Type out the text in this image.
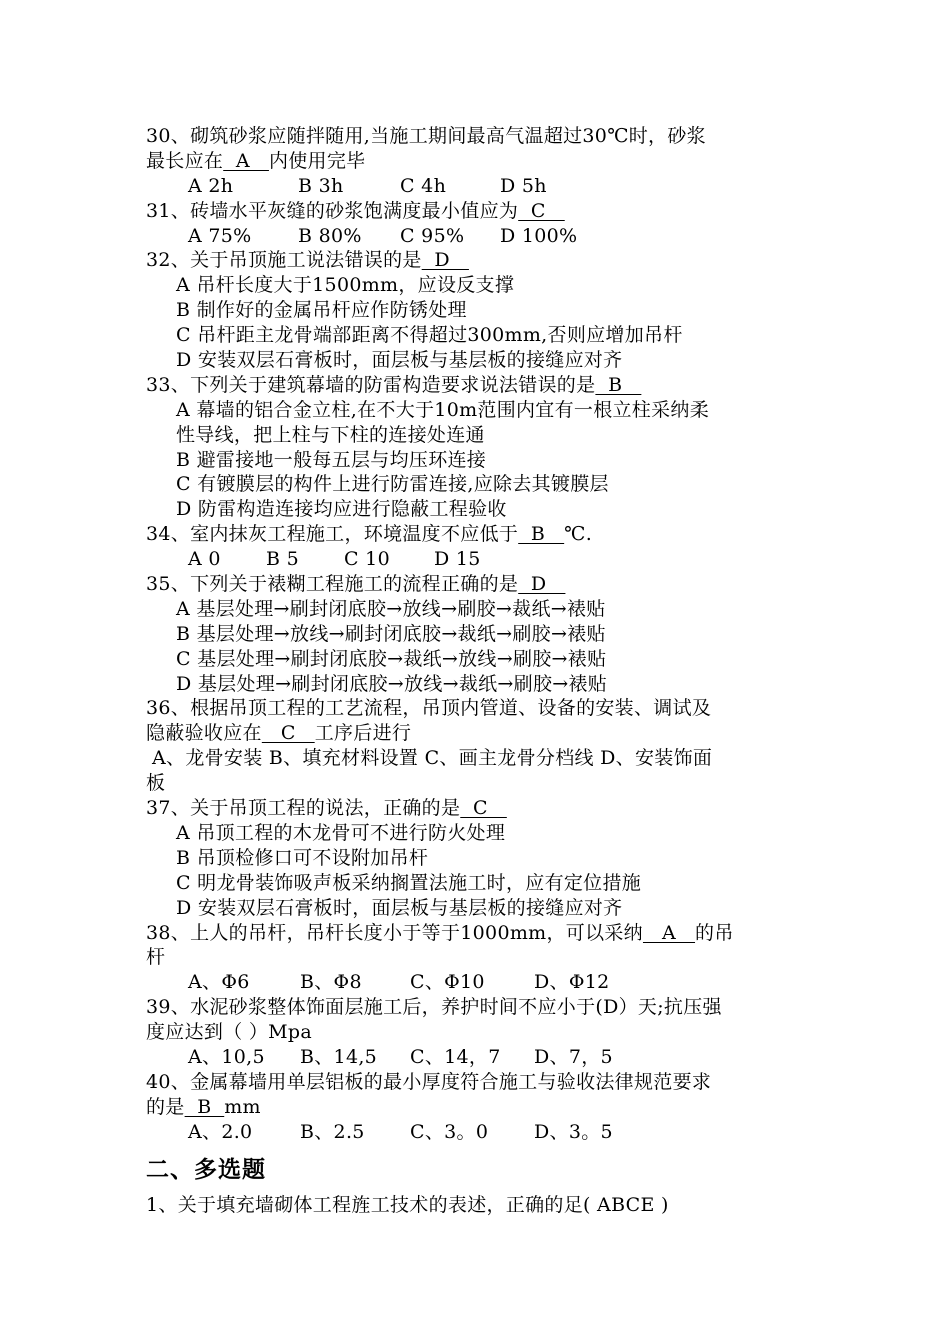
30、砌筑砂浆应随拌随用,当施工期间最高气温超过30℃时，砂浆
最长应在  A   内使用完毕
A 2h	B 3h	C 4h	D 5h
31、砖墙水平灰缝的砂浆饱满度最小值应为  C
A 75% B 80% C 95% D 100%
32、关于吊顶施工说法错误的是  D
A 吊杆长度大于1500mm，应设反支撑
B 制作好的金属吊杆应作防锈处理
C 吊杆距主龙骨端部距离不得超过300mm,否则应增加吊杆
D 安装双层石膏板时，面层板与基层板的接缝应对齐
33、下列关于建筑幕墙的防雷构造要求说法错误的是  B
A 幕墙的铝合金立柱,在不大于10m范围内宜有一根立柱采纳柔
性导线，把上柱与下柱的连接处连通
B 避雷接地一般每五层与均压环连接
C 有镀膜层的构件上进行防雷连接,应除去其镀膜层
D 防雷构造连接均应进行隐蔽工程验收
34、室内抹灰工程施工，环境温度不应低于  B   ℃.
A 0 B 5 C 10 D 15
35、下列关于裱糊工程施工的流程正确的是  D
A 基层处理→刷封闭底胶→放线→刷胶→裁纸→裱贴
B 基层处理→放线→刷封闭底胶→裁纸→刷胶→裱贴
C 基层处理→刷封闭底胶→裁纸→放线→刷胶→裱贴
D 基层处理→刷封闭底胶→放线→裁纸→刷胶→裱贴
36、根据吊顶工程的工艺流程，吊顶内管道、设备的安装、调试及
隐蔽验收应在   C   工序后进行
A、龙骨安装 B、填充材料设置 C、画主龙骨分档线 D、安装饰面
板
37、关于吊顶工程的说法，正确的是  C
A 吊顶工程的木龙骨可不进行防火处理
B 吊顶检修口可不设附加吊杆
C 明龙骨装饰吸声板采纳搁置法施工时，应有定位措施
D 安装双层石膏板时，面层板与基层板的接缝应对齐
38、上人的吊杆，吊杆长度小于等于1000mm，可以采纳   A   的吊
杆
A、Φ6	B、Φ8	C、Φ10	D、Φ12
39、水泥砂浆整体饰面层施工后，养护时间不应小于(D）天;抗压强
度应达到（ ）Mpa
A、10,5 B、14,5 C、14，7 D、7，5
40、金属幕墙用单层铝板的最小厚度符合施工与验收法律规范要求
的是  B  mm
A、2.0	B、2.5 C、3。0 D、3。5
二、多选题
1、关于填充墙砌体工程旌工技术的表述，正确的足( ABCE )
